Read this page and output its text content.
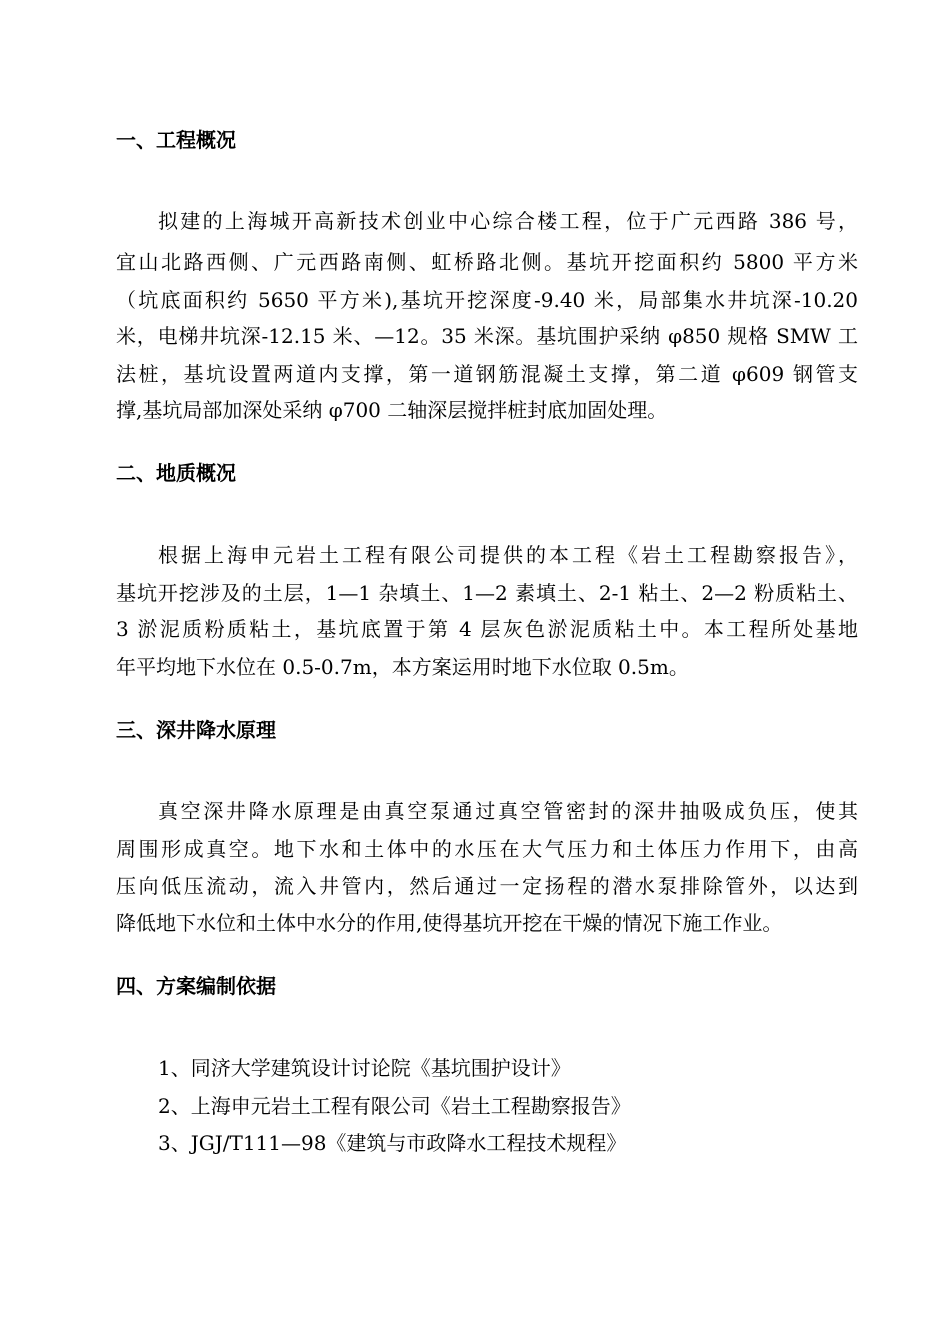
一、工程概况
拟建的上海城开高新技术创业中心综合楼工程，位于广元西路 386 号，
宜山北路西侧、广元西路南侧、虹桥路北侧。基坑开挖面积约 5800 平方米
（坑底面积约 5650 平方米),基坑开挖深度-9.40 米，局部集水井坑深-10.20
米，电梯井坑深-12.15 米、—12。35 米深。基坑围护采纳 φ850 规格 SMW 工
法桩，基坑设置两道内支撑，第一道钢筋混凝土支撑，第二道 φ609 钢管支
撑,基坑局部加深处采纳 φ700 二轴深层搅拌桩封底加固处理。
二、地质概况
根据上海申元岩土工程有限公司提供的本工程《岩土工程勘察报告》，
基坑开挖涉及的土层，1—1 杂填土、1—2 素填土、2-1 粘土、2—2 粉质粘土、
3 淤泥质粉质粘土，基坑底置于第 4 层灰色淤泥质粘土中。本工程所处基地
年平均地下水位在 0.5-0.7m，本方案运用时地下水位取 0.5m。
三、深井降水原理
真空深井降水原理是由真空泵通过真空管密封的深井抽吸成负压，使其
周围形成真空。地下水和土体中的水压在大气压力和土体压力作用下，由高
压向低压流动，流入井管内，然后通过一定扬程的潜水泵排除管外，以达到
降低地下水位和土体中水分的作用,使得基坑开挖在干燥的情况下施工作业。
四、方案编制依据
1、同济大学建筑设计讨论院《基坑围护设计》
2、上海申元岩土工程有限公司《岩土工程勘察报告》
3、JGJ/T111—98《建筑与市政降水工程技术规程》
